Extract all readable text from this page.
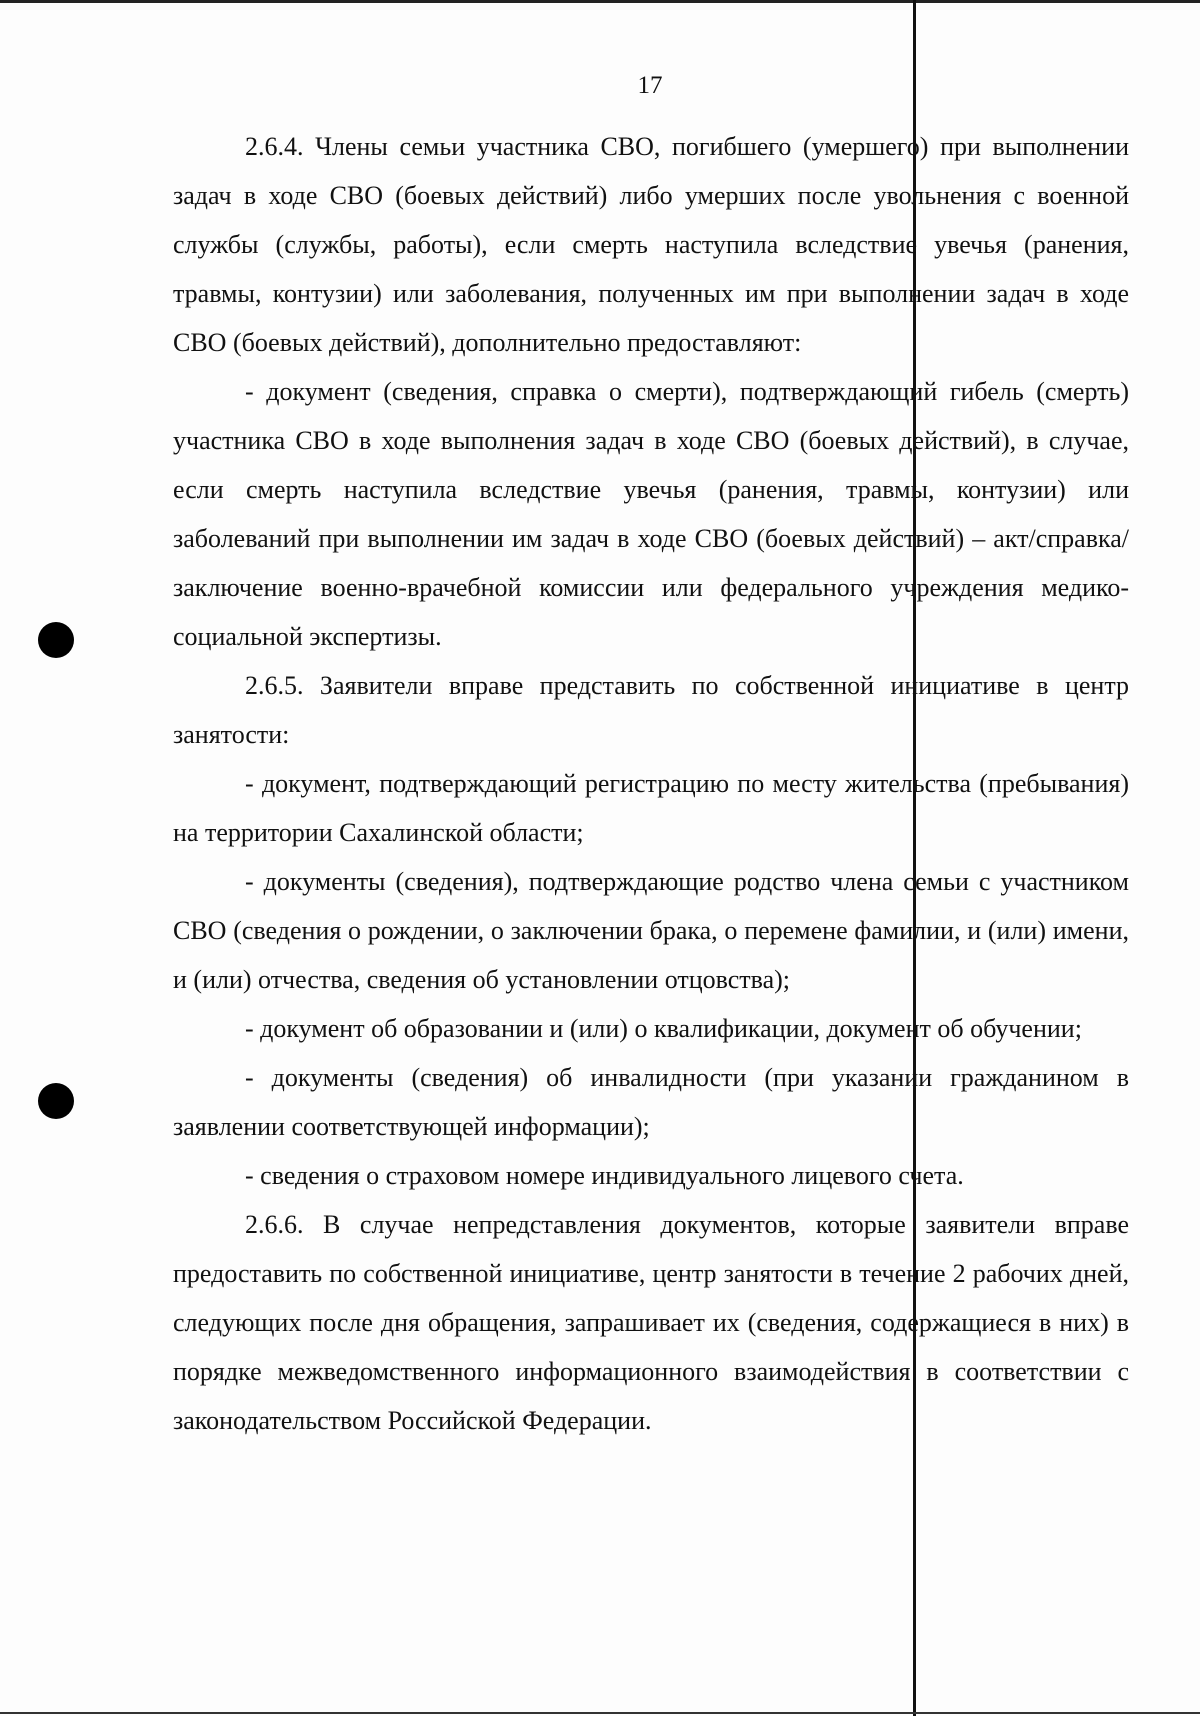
17

2.6.4. Члены семьи участника СВО, погибшего (умершего) при выполнении задач в ходе СВО (боевых действий) либо умерших после увольнения с военной службы (службы, работы), если смерть наступила вследствие увечья (ранения, травмы, контузии) или заболевания, полученных им при выполнении задач в ходе СВО (боевых действий), дополнительно предоставляют:

- документ (сведения, справка о смерти), подтверждающий гибель (смерть) участника СВО в ходе выполнения задач в ходе СВО (боевых действий), в случае, если смерть наступила вследствие увечья (ранения, травмы, контузии) или заболеваний при выполнении им задач в ходе СВО (боевых действий) – акт/справка/заключение военно-врачебной комиссии или федерального учреждения медико-социальной экспертизы.

2.6.5. Заявители вправе представить по собственной инициативе в центр занятости:

- документ, подтверждающий регистрацию по месту жительства (пребывания) на территории Сахалинской области;

- документы (сведения), подтверждающие родство члена семьи с участником СВО (сведения о рождении, о заключении брака, о перемене фамилии, и (или) имени, и (или) отчества, сведения об установлении отцовства);

- документ об образовании и (или) о квалификации, документ об обучении;

- документы (сведения) об инвалидности (при указании гражданином в заявлении соответствующей информации);

- сведения о страховом номере индивидуального лицевого счета.

2.6.6. В случае непредставления документов, которые заявители вправе предоставить по собственной инициативе, центр занятости в течение 2 рабочих дней, следующих после дня обращения, запрашивает их (сведения, содержащиеся в них) в порядке межведомственного информационного взаимодействия в соответствии с законодательством Российской Федерации.
